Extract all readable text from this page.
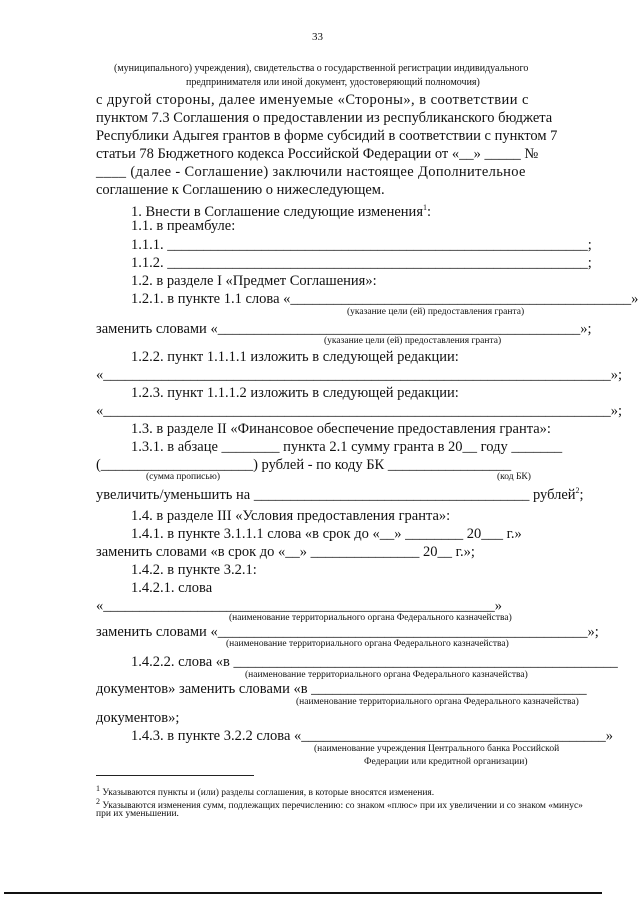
33
(муниципального) учреждения), свидетельства о государственной регистрации индивидуального
предпринимателя или иной документ, удостоверяющий полномочия)
с другой стороны, далее именуемые «Стороны», в соответствии с
пунктом 7.3 Соглашения о предоставлении из республиканского бюджета
Республики Адыгея грантов в форме субсидий в соответствии с пунктом 7
статьи 78 Бюджетного кодекса Российской Федерации от «__» _____ №
____ (далее - Соглашение) заключили настоящее Дополнительное
соглашение к Соглашению о нижеследующем.
1. Внести в Соглашение следующие изменения$^1$:
1.1. в преамбуле:
1.1.1. __________________________________________________________;
1.1.2. __________________________________________________________;
1.2. в разделе I «Предмет Соглашения»:
1.2.1. в пункте 1.1 слова «_______________________________________________»
(указание цели (ей) предоставления гранта)
заменить словами «__________________________________________________»;
(указание цели (ей) предоставления гранта)
1.2.2. пункт 1.1.1.1 изложить в следующей редакции:
«______________________________________________________________________»;
1.2.3. пункт 1.1.1.2 изложить в следующей редакции:
«______________________________________________________________________»;
1.3. в разделе II «Финансовое обеспечение предоставления гранта»:
1.3.1. в абзаце ________ пункта 2.1 сумму гранта в 20__ году _______
(_____________________) рублей - по коду БК _________________
(сумма прописью)	(код БК)
увеличить/уменьшить на ______________________________________ рублей$^2$;
1.4. в разделе III «Условия предоставления гранта»:
1.4.1. в пункте 3.1.1.1 слова «в срок до «__» ________ 20___ г.»
заменить словами «в срок до «__» _______________ 20__ г.»;
1.4.2. в пункте 3.2.1:
1.4.2.1. слова
«______________________________________________________»
(наименование территориального органа Федерального казначейства)
заменить словами «___________________________________________________»;
(наименование территориального органа Федерального казначейства)
1.4.2.2. слова «в _____________________________________________________
(наименование территориального органа Федерального казначейства)
документов» заменить словами «в ______________________________________
(наименование территориального органа Федерального казначейства)
документов»;
1.4.3. в пункте 3.2.2 слова «__________________________________________»
(наименование учреждения Центрального банка Российской
Федерации или кредитной организации)
$^1$ Указываются пункты и (или) разделы соглашения, в которые вносятся изменения.
$^2$ Указываются изменения сумм, подлежащих перечислению: со знаком «плюс» при их увеличении и со знаком «минус»
при их уменьшении.
